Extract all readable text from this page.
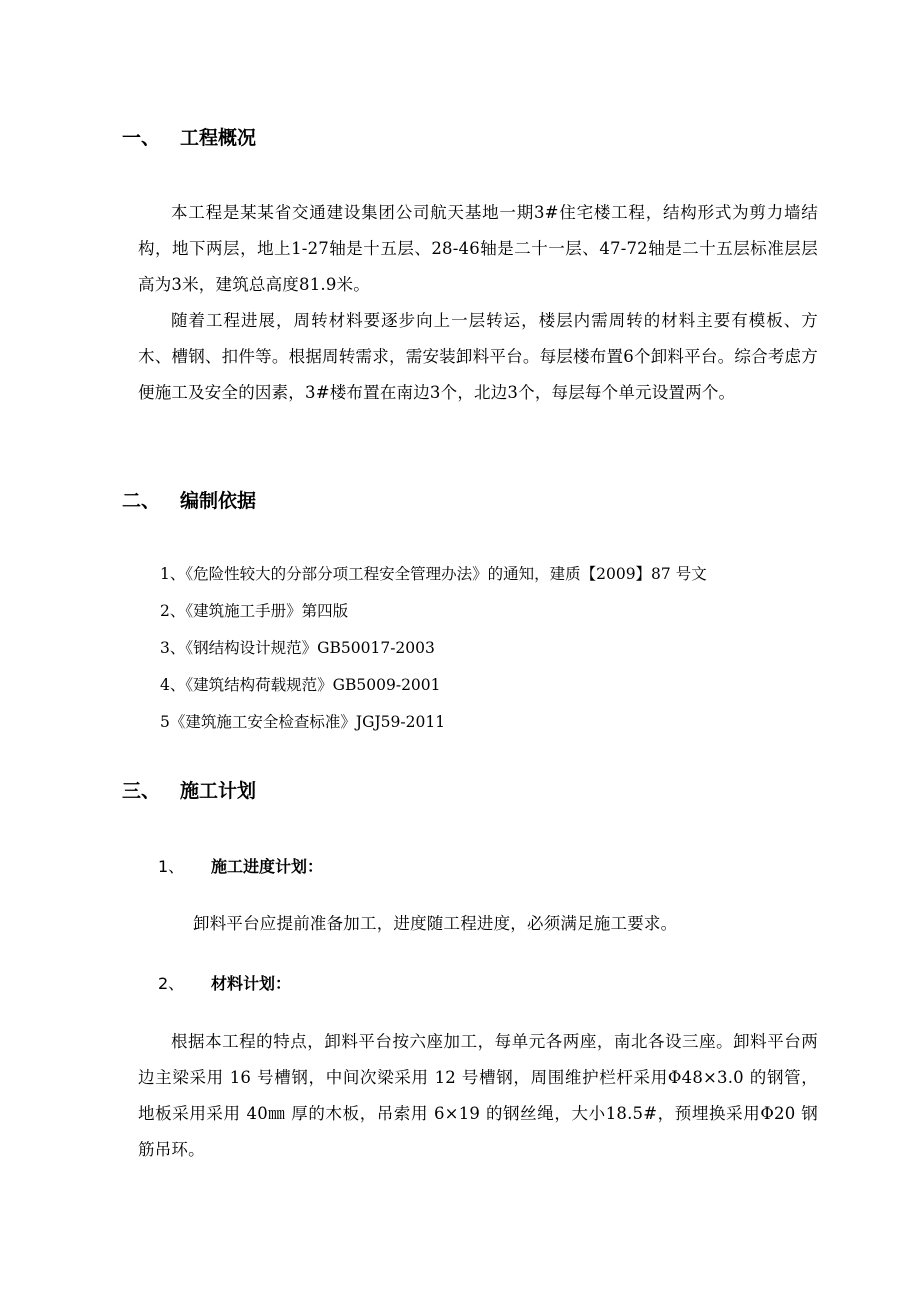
一、 工程概况

本工程是某某省交通建设集团公司航天基地一期3#住宅楼工程，结构形式为剪力墙结构，地下两层，地上1-27轴是十五层、28-46轴是二十一层、47-72轴是二十五层标准层层高为3米，建筑总高度81.9米。

随着工程进展，周转材料要逐步向上一层转运，楼层内需周转的材料主要有模板、方木、槽钢、扣件等。根据周转需求，需安装卸料平台。每层楼布置6个卸料平台。综合考虑方便施工及安全的因素，3#楼布置在南边3个，北边3个，每层每个单元设置两个。

二、 编制依据
1、《危险性较大的分部分项工程安全管理办法》的通知，建质【2009】87 号文
2、《建筑施工手册》第四版
3、《钢结构设计规范》GB50017-2003
4、《建筑结构荷载规范》GB5009-2001
5《建筑施工安全检查标准》JGJ59-2011
三、 施工计划
1、 施工进度计划：

卸料平台应提前准备加工，进度随工程进度，必须满足施工要求。

2、 材料计划：

根据本工程的特点，卸料平台按六座加工，每单元各两座，南北各设三座。卸料平台两边主梁采用 16 号槽钢，中间次梁采用 12 号槽钢，周围维护栏杆采用Φ48×3.0 的钢管，地板采用采用 40㎜ 厚的木板，吊索用 6×19 的钢丝绳，大小18.5#，预埋换采用Φ20 钢筋吊环。
